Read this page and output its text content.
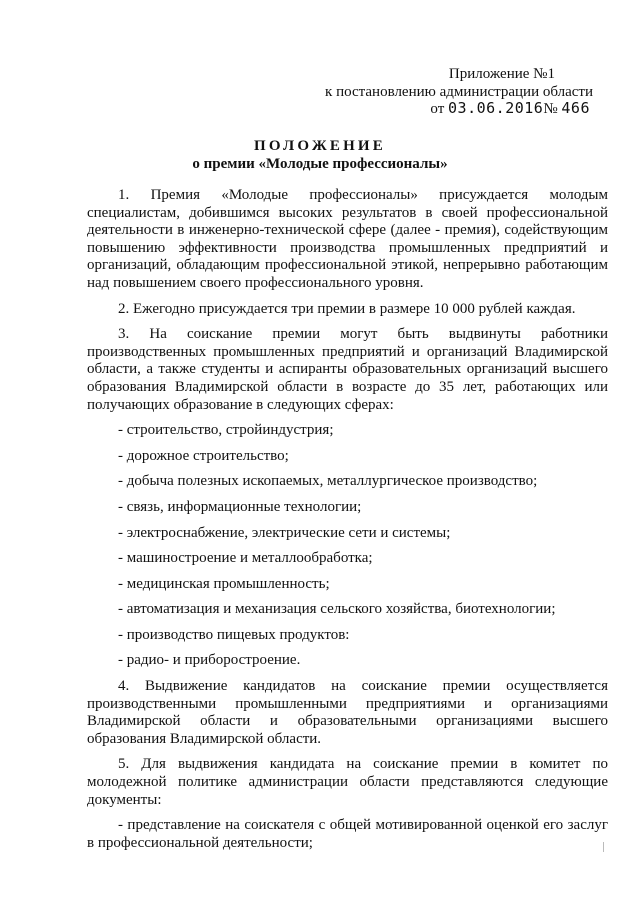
Приложение №1
к постановлению администрации области
от 03.06.2016№ 466
ПОЛОЖЕНИЕ
о премии «Молодые профессионалы»

1. Премия «Молодые профессионалы» присуждается молодым специалистам, добившимся высоких результатов в своей профессиональной деятельности в инженерно-технической сфере (далее - премия), содействующим повышению эффективности производства промышленных предприятий и организаций, обладающим профессиональной этикой, непрерывно работающим над повышением своего профессионального уровня.

2. Ежегодно присуждается три премии в размере 10 000 рублей каждая.

3. На соискание премии могут быть выдвинуты работники производственных промышленных предприятий и организаций Владимирской области, а также студенты и аспиранты образовательных организаций высшего образования Владимирской области в возрасте до 35 лет, работающих или получающих образование в следующих сферах:

- строительство, стройиндустрия;
- дорожное строительство;
- добыча полезных ископаемых, металлургическое производство;
- связь, информационные технологии;
- электроснабжение, электрические сети и системы;
- машиностроение и металлообработка;
- медицинская промышленность;
- автоматизация и механизация сельского хозяйства, биотехнологии;
- производство пищевых продуктов:
- радио- и приборостроение.

4. Выдвижение кандидатов на соискание премии осуществляется производственными промышленными предприятиями и организациями Владимирской области и образовательными организациями высшего образования Владимирской области.

5. Для выдвижения кандидата на соискание премии в комитет по молодежной политике администрации области представляются следующие документы:

- представление на соискателя с общей мотивированной оценкой его заслуг в профессиональной деятельности;
